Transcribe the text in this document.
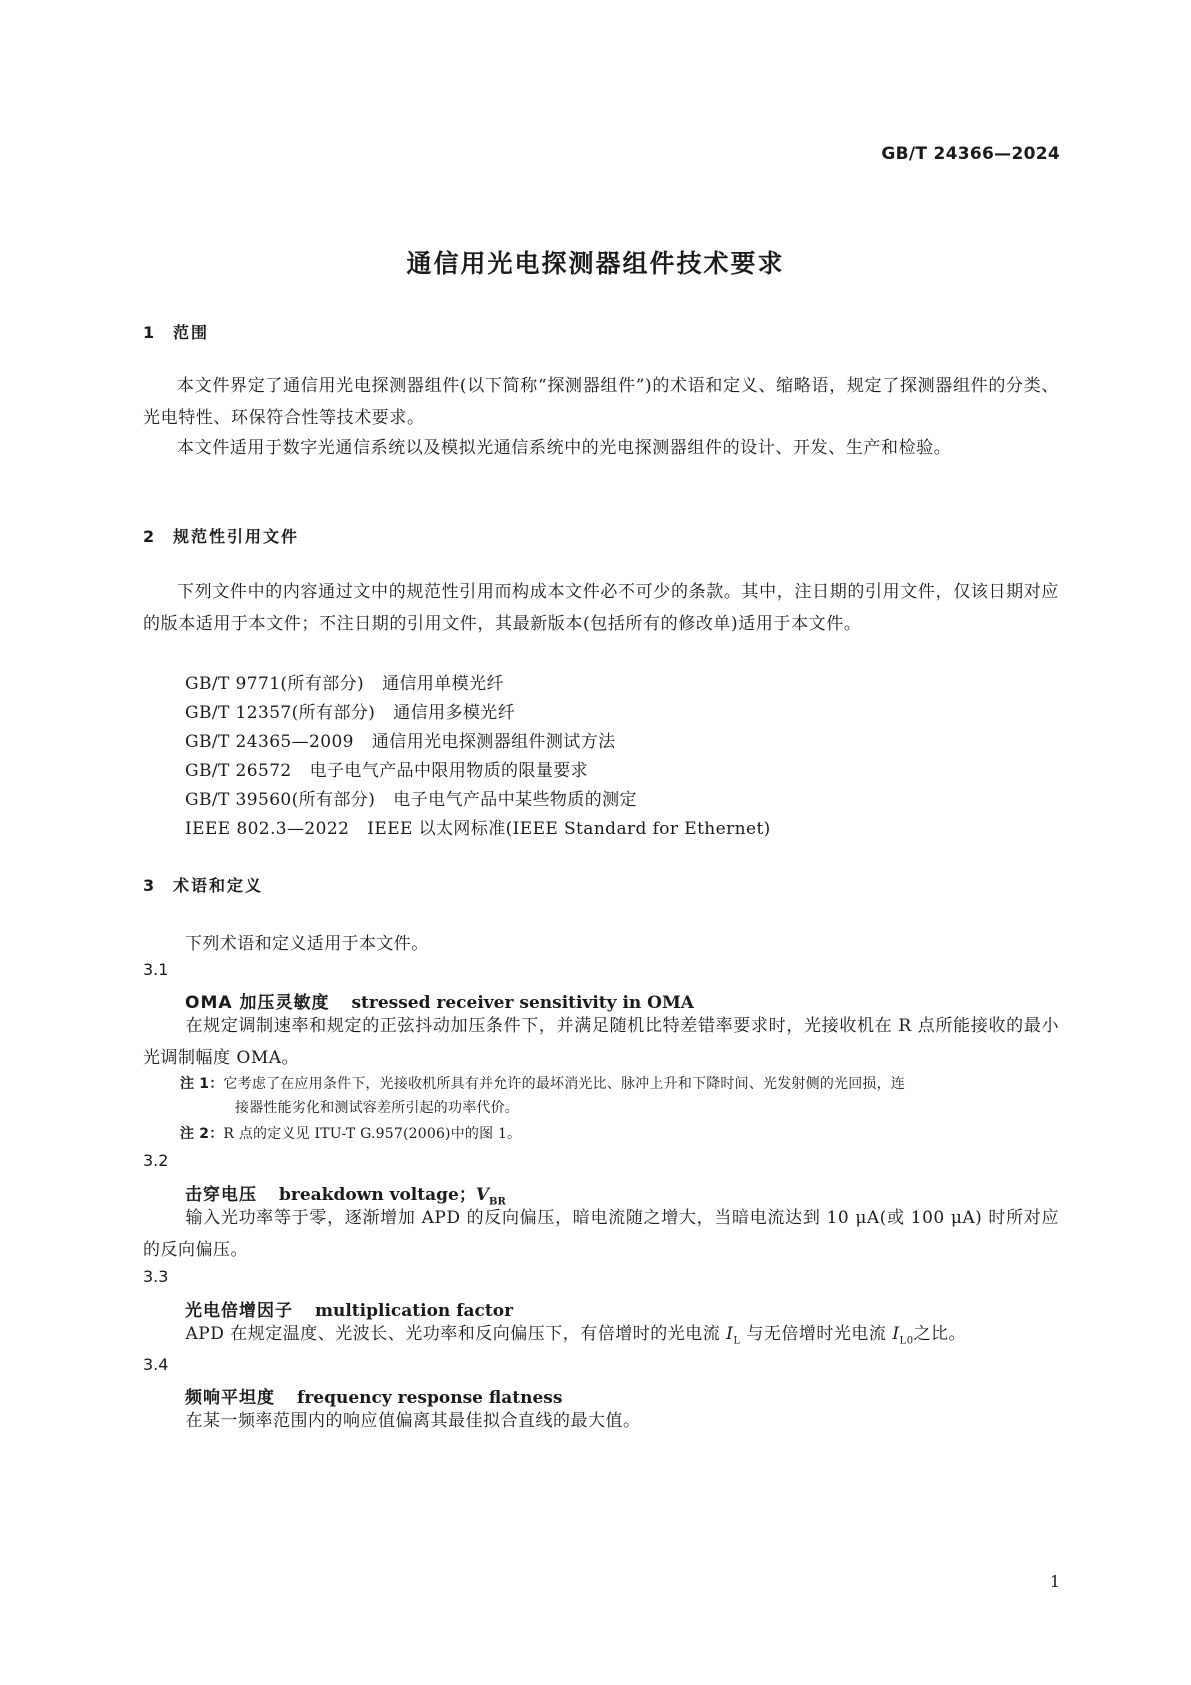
GB/T 24366—2024
通信用光电探测器组件技术要求
1 范围
本文件界定了通信用光电探测器组件(以下简称“探测器组件”)的术语和定义、缩略语，规定了探测器组件的分类、光电特性、环保符合性等技术要求。
本文件适用于数字光通信系统以及模拟光通信系统中的光电探测器组件的设计、开发、生产和检验。
2 规范性引用文件
下列文件中的内容通过文中的规范性引用而构成本文件必不可少的条款。其中，注日期的引用文件，仅该日期对应的版本适用于本文件；不注日期的引用文件，其最新版本(包括所有的修改单)适用于本文件。
GB/T 9771(所有部分) 通信用单模光纤
GB/T 12357(所有部分) 通信用多模光纤
GB/T 24365—2009 通信用光电探测器组件测试方法
GB/T 26572 电子电气产品中限用物质的限量要求
GB/T 39560(所有部分) 电子电气产品中某些物质的测定
IEEE 802.3—2022 IEEE 以太网标准(IEEE Standard for Ethernet)
3 术语和定义
下列术语和定义适用于本文件。
3.1
OMA 加压灵敏度 stressed receiver sensitivity in OMA
在规定调制速率和规定的正弦抖动加压条件下，并满足随机比特差错率要求时，光接收机在 R 点所能接收的最小光调制幅度 OMA。
注 1：它考虑了在应用条件下，光接收机所具有并允许的最坏消光比、脉冲上升和下降时间、光发射侧的光回损，连
接器性能劣化和测试容差所引起的功率代价。
注 2：R 点的定义见 ITU-T G.957(2006)中的图 1。
3.2
击穿电压 breakdown voltage；$V_{BR}$
输入光功率等于零，逐渐增加 APD 的反向偏压，暗电流随之增大，当暗电流达到 10 μA(或 100 μA) 时所对应的反向偏压。
3.3
光电倍增因子 multiplication factor
APD 在规定温度、光波长、光功率和反向偏压下，有倍增时的光电流 $I_L$ 与无倍增时光电流 $I_{L0}$之比。
3.4
频响平坦度 frequency response flatness
在某一频率范围内的响应值偏离其最佳拟合直线的最大值。
1
